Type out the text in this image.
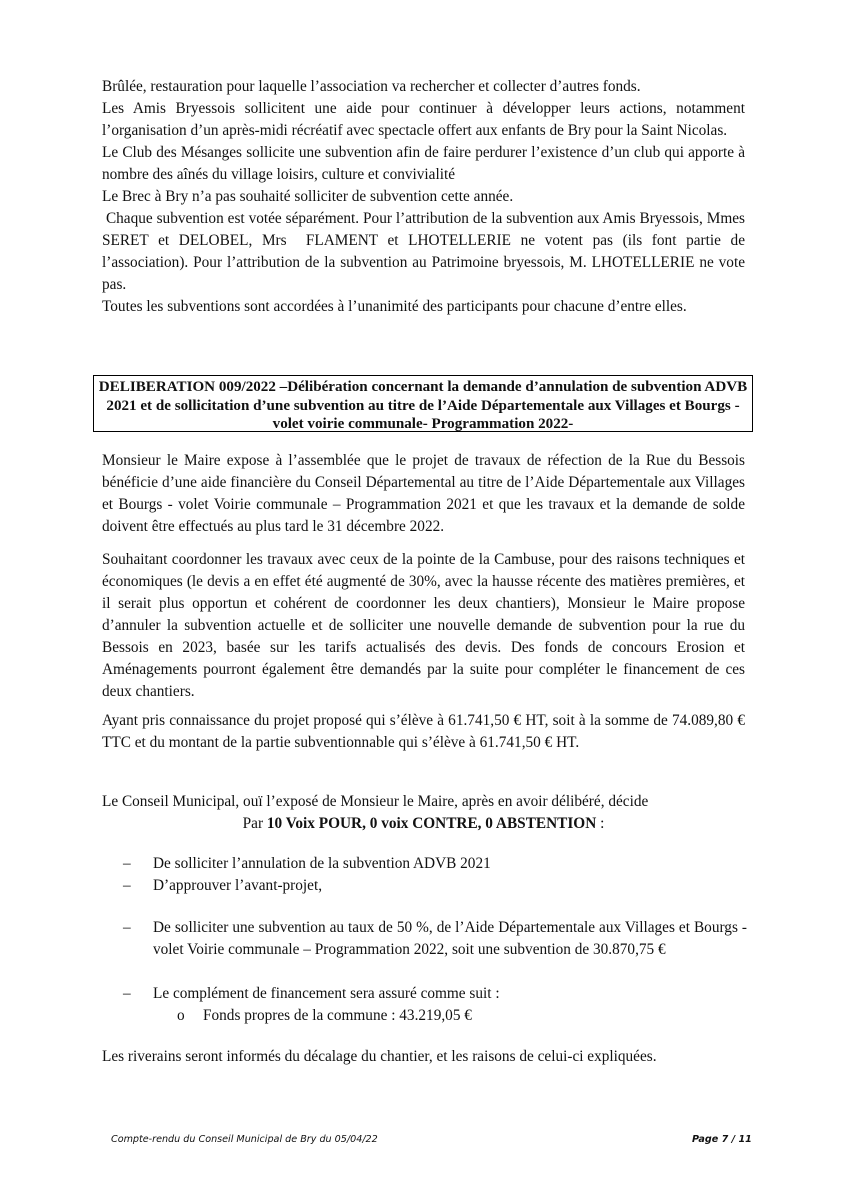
Brûlée, restauration pour laquelle l’association va rechercher et collecter d’autres fonds.

Les Amis Bryessois sollicitent une aide pour continuer à développer leurs actions, notamment l’organisation d’un après-midi récréatif avec spectacle offert aux enfants de Bry pour la Saint Nicolas.

Le Club des Mésanges sollicite une subvention afin de faire perdurer l’existence d’un club qui apporte à nombre des aînés du village loisirs, culture et convivialité

Le Brec à Bry n’a pas souhaité solliciter de subvention cette année.

Chaque subvention est votée séparément. Pour l’attribution de la subvention aux Amis Bryessois, Mmes SERET et DELOBEL, Mrs  FLAMENT et LHOTELLERIE ne votent pas (ils font partie de l’association). Pour l’attribution de la subvention au Patrimoine bryessois, M. LHOTELLERIE ne vote pas.

Toutes les subventions sont accordées à l’unanimité des participants pour chacune d’entre elles.

DELIBERATION 009/2022 –Délibération concernant la demande d’annulation de subvention ADVB 2021 et de sollicitation d’une subvention au titre de l’Aide Départementale aux Villages et Bourgs - volet voirie communale- Programmation 2022-
Monsieur le Maire expose à l’assemblée que le projet de travaux de réfection de la Rue du Bessois bénéficie d’une aide financière du Conseil Départemental au titre de l’Aide Départementale aux Villages et Bourgs - volet Voirie communale – Programmation 2021 et que les travaux et la demande de solde doivent être effectués au plus tard le 31 décembre 2022.
Souhaitant coordonner les travaux avec ceux de la pointe de la Cambuse, pour des raisons techniques et économiques (le devis a en effet été augmenté de 30%, avec la hausse récente des matières premières, et il serait plus opportun et cohérent de coordonner les deux chantiers), Monsieur le Maire propose d’annuler la subvention actuelle et de solliciter une nouvelle demande de subvention pour la rue du Bessois en 2023, basée sur les tarifs actualisés des devis. Des fonds de concours Erosion et Aménagements pourront également être demandés par la suite pour compléter le financement de ces deux chantiers.
Ayant pris connaissance du projet proposé qui s’élève à 61.741,50 € HT, soit à la somme de 74.089,80 € TTC et du montant de la partie subventionnable qui s’élève à 61.741,50 € HT.
Le Conseil Municipal, ouï l’exposé de Monsieur le Maire, après en avoir délibéré, décide
Par 10 Voix POUR, 0 voix CONTRE, 0 ABSTENTION :
– De solliciter l’annulation de la subvention ADVB 2021
– D’approuver l’avant-projet,
– De solliciter une subvention au taux de 50 %, de l’Aide Départementale aux Villages et Bourgs - volet Voirie communale – Programmation 2022, soit une subvention de 30.870,75 €
– Le complément de financement sera assuré comme suit :
o Fonds propres de la commune : 43.219,05 €
Les riverains seront informés du décalage du chantier, et les raisons de celui-ci expliquées.
Compte-rendu du Conseil Municipal de Bry du 05/04/22	Page 7 / 11
